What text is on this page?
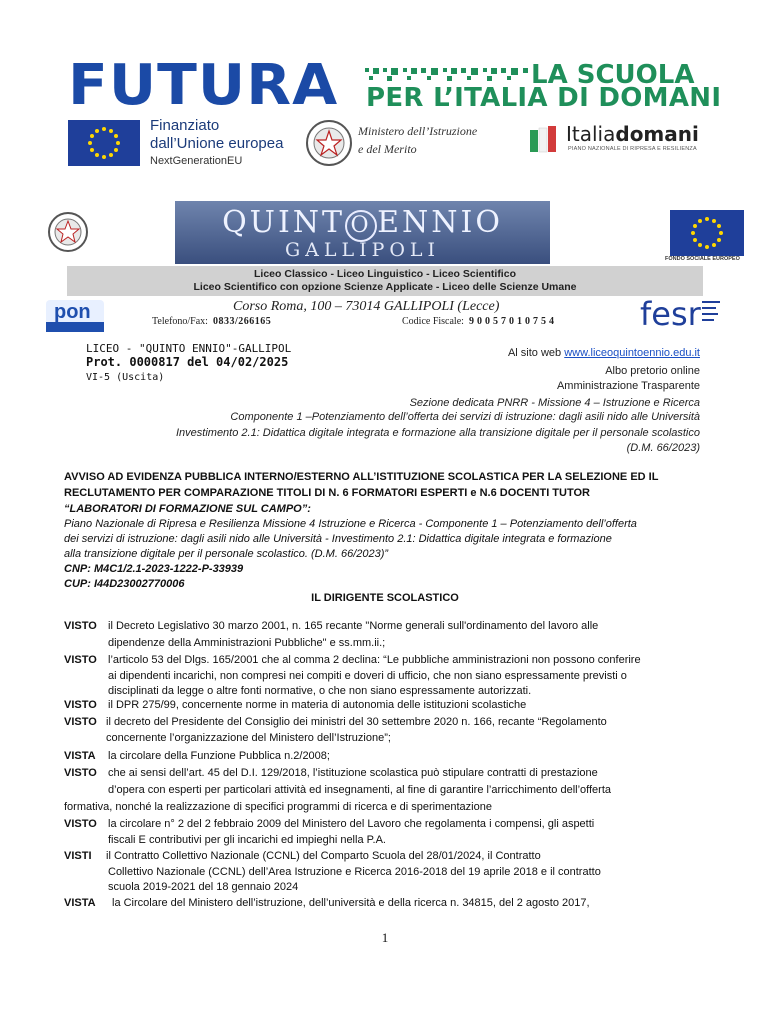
FUTURA	LA SCUOLA
PER L’ITALIA DI DOMANI
Finanziato
dall’Unione europea
NextGenerationEU
Ministero dell’Istruzione
e del Merito
Italiadomani
PIANO NAZIONALE DI RIPRESA E RESILIENZA
QUINT O ENNIO
GALLIPOLI	FONDO SOCIALE EUROPEO
Liceo Classico - Liceo Linguistico - Liceo Scientifico
Liceo Scientifico con opzione Scienze Applicate - Liceo delle Scienze Umane
pon	Corso Roma, 100 – 73014 GALLIPOLI (Lecce)
Telefono/Fax: 0833/266165	Codice Fiscale: 90057010754	fesr
LICEO - "QUINTO ENNIO"-GALLIPOL
Prot. 0000817 del 04/02/2025
VI-5 (Uscita)
Al sito web www.liceoquintoennio.edu.it
Albo pretorio online
Amministrazione Trasparente
Sezione dedicata PNRR - Missione 4 – Istruzione e Ricerca
Componente 1 –Potenziamento dell’offerta dei servizi di istruzione: dagli asili nido alle Università
Investimento 2.1: Didattica digitale integrata e formazione alla transizione digitale per il personale scolastico
(D.M. 66/2023)
AVVISO AD EVIDENZA PUBBLICA INTERNO/ESTERNO ALL’ISTITUZIONE SCOLASTICA PER LA SELEZIONE ED IL
RECLUTAMENTO PER COMPARAZIONE TITOLI DI N. 6 FORMATORI ESPERTI e N.6 DOCENTI TUTOR
“LABORATORI DI FORMAZIONE SUL CAMPO”:
Piano Nazionale di Ripresa e Resilienza Missione 4 Istruzione e Ricerca - Componente 1 – Potenziamento dell’offerta
dei servizi di istruzione: dagli asili nido alle Università - Investimento 2.1: Didattica digitale integrata e formazione
alla transizione digitale per il personale scolastico. (D.M. 66/2023)”
CNP: M4C1/2.1-2023-1222-P-33939
CUP: I44D23002770006
IL DIRIGENTE SCOLASTICO
VISTO il Decreto Legislativo 30 marzo 2001, n. 165 recante "Norme generali sull'ordinamento del lavoro alle
dipendenze della Amministrazioni Pubbliche" e ss.mm.ii.;
VISTO l’articolo 53 del Dlgs. 165/2001 che al comma 2 declina: “Le pubbliche amministrazioni non possono conferire
ai dipendenti incarichi, non compresi nei compiti e doveri di ufficio, che non siano espressamente previsti o
disciplinati da legge o altre fonti normative, o che non siano espressamente autorizzati.
VISTO il DPR 275/99, concernente norme in materia di autonomia delle istituzioni scolastiche
VISTO il decreto del Presidente del Consiglio dei ministri del 30 settembre 2020 n. 166, recante “Regolamento
concernente l’organizzazione del Ministero dell’Istruzione”;
VISTA la circolare della Funzione Pubblica n.2/2008;
VISTO che ai sensi dell’art. 45 del D.I. 129/2018, l’istituzione scolastica può stipulare contratti di prestazione
d’opera con esperti per particolari attività ed insegnamenti, al fine di garantire l’arricchimento dell’offerta
formativa, nonché la realizzazione di specifici programmi di ricerca e di sperimentazione
VISTO la circolare n° 2 del 2 febbraio 2009 del Ministero del Lavoro che regolamenta i compensi, gli aspetti
fiscali E contributivi per gli incarichi ed impieghi nella P.A.
VISTI il Contratto Collettivo Nazionale (CCNL) del Comparto Scuola del 28/01/2024, il Contratto
Collettivo Nazionale (CCNL) dell’Area Istruzione e Ricerca 2016-2018 del 19 aprile 2018 e il contratto
scuola 2019-2021 del 18 gennaio 2024
VISTA la Circolare del Ministero dell’istruzione, dell’università e della ricerca n. 34815, del 2 agosto 2017,
1
